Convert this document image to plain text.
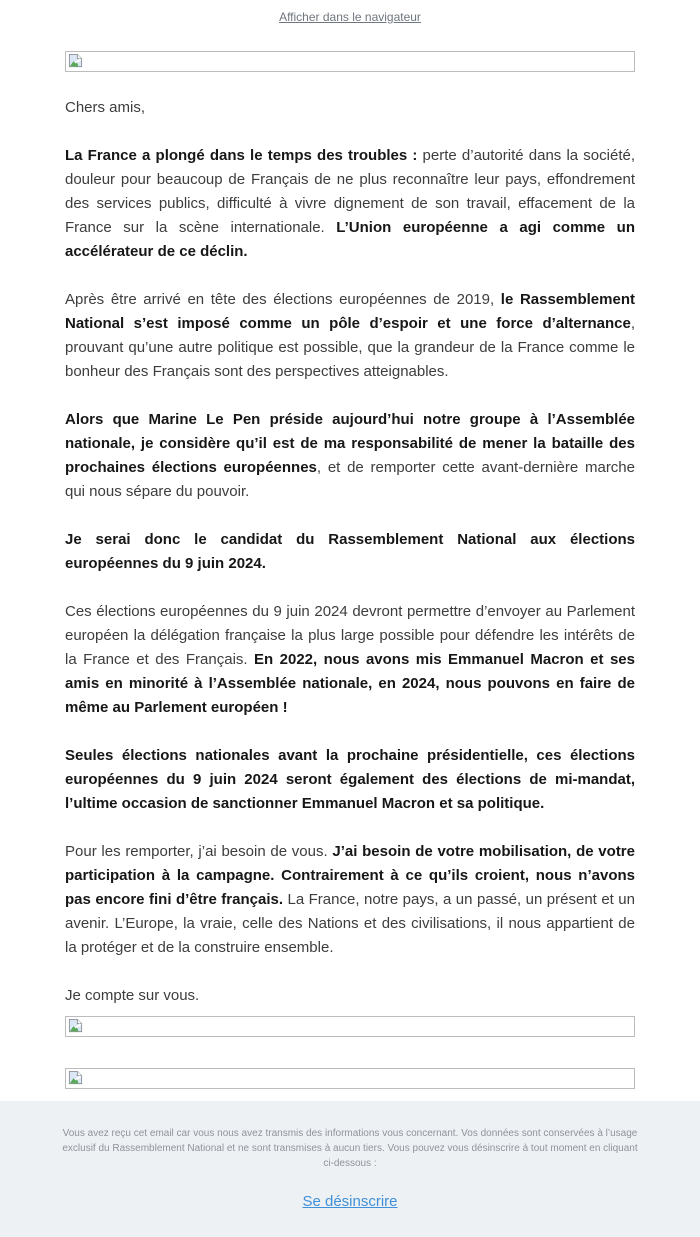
Afficher dans le navigateur

Chers amis,

La France a plongé dans le temps des troubles : perte d’autorité dans la société, douleur pour beaucoup de Français de ne plus reconnaître leur pays, effondrement des services publics, difficulté à vivre dignement de son travail, effacement de la France sur la scène internationale. L’Union européenne a agi comme un accélérateur de ce déclin.

Après être arrivé en tête des élections européennes de 2019, le Rassemblement National s’est imposé comme un pôle d’espoir et une force d’alternance, prouvant qu’une autre politique est possible, que la grandeur de la France comme le bonheur des Français sont des perspectives atteignables.

Alors que Marine Le Pen préside aujourd’hui notre groupe à l’Assemblée nationale, je considère qu’il est de ma responsabilité de mener la bataille des prochaines élections européennes, et de remporter cette avant-dernière marche qui nous sépare du pouvoir.

Je serai donc le candidat du Rassemblement National aux élections européennes du 9 juin 2024.

Ces élections européennes du 9 juin 2024 devront permettre d’envoyer au Parlement européen la délégation française la plus large possible pour défendre les intérêts de la France et des Français. En 2022, nous avons mis Emmanuel Macron et ses amis en minorité à l’Assemblée nationale, en 2024, nous pouvons en faire de même au Parlement européen !

Seules élections nationales avant la prochaine présidentielle, ces élections européennes du 9 juin 2024 seront également des élections de mi-mandat, l’ultime occasion de sanctionner Emmanuel Macron et sa politique.

Pour les remporter, j’ai besoin de vous. J’ai besoin de votre mobilisation, de votre participation à la campagne. Contrairement à ce qu’ils croient, nous n’avons pas encore fini d’être français. La France, notre pays, a un passé, un présent et un avenir. L’Europe, la vraie, celle des Nations et des civilisations, il nous appartient de la protéger et de la construire ensemble.

Je compte sur vous.

Vous avez reçu cet email car vous nous avez transmis des informations vous concernant. Vos données sont conservées à l’usage exclusif du Rassemblement National et ne sont transmises à aucun tiers. Vous pouvez vous désinscrire à tout moment en cliquant ci-dessous :

Se désinscrire
